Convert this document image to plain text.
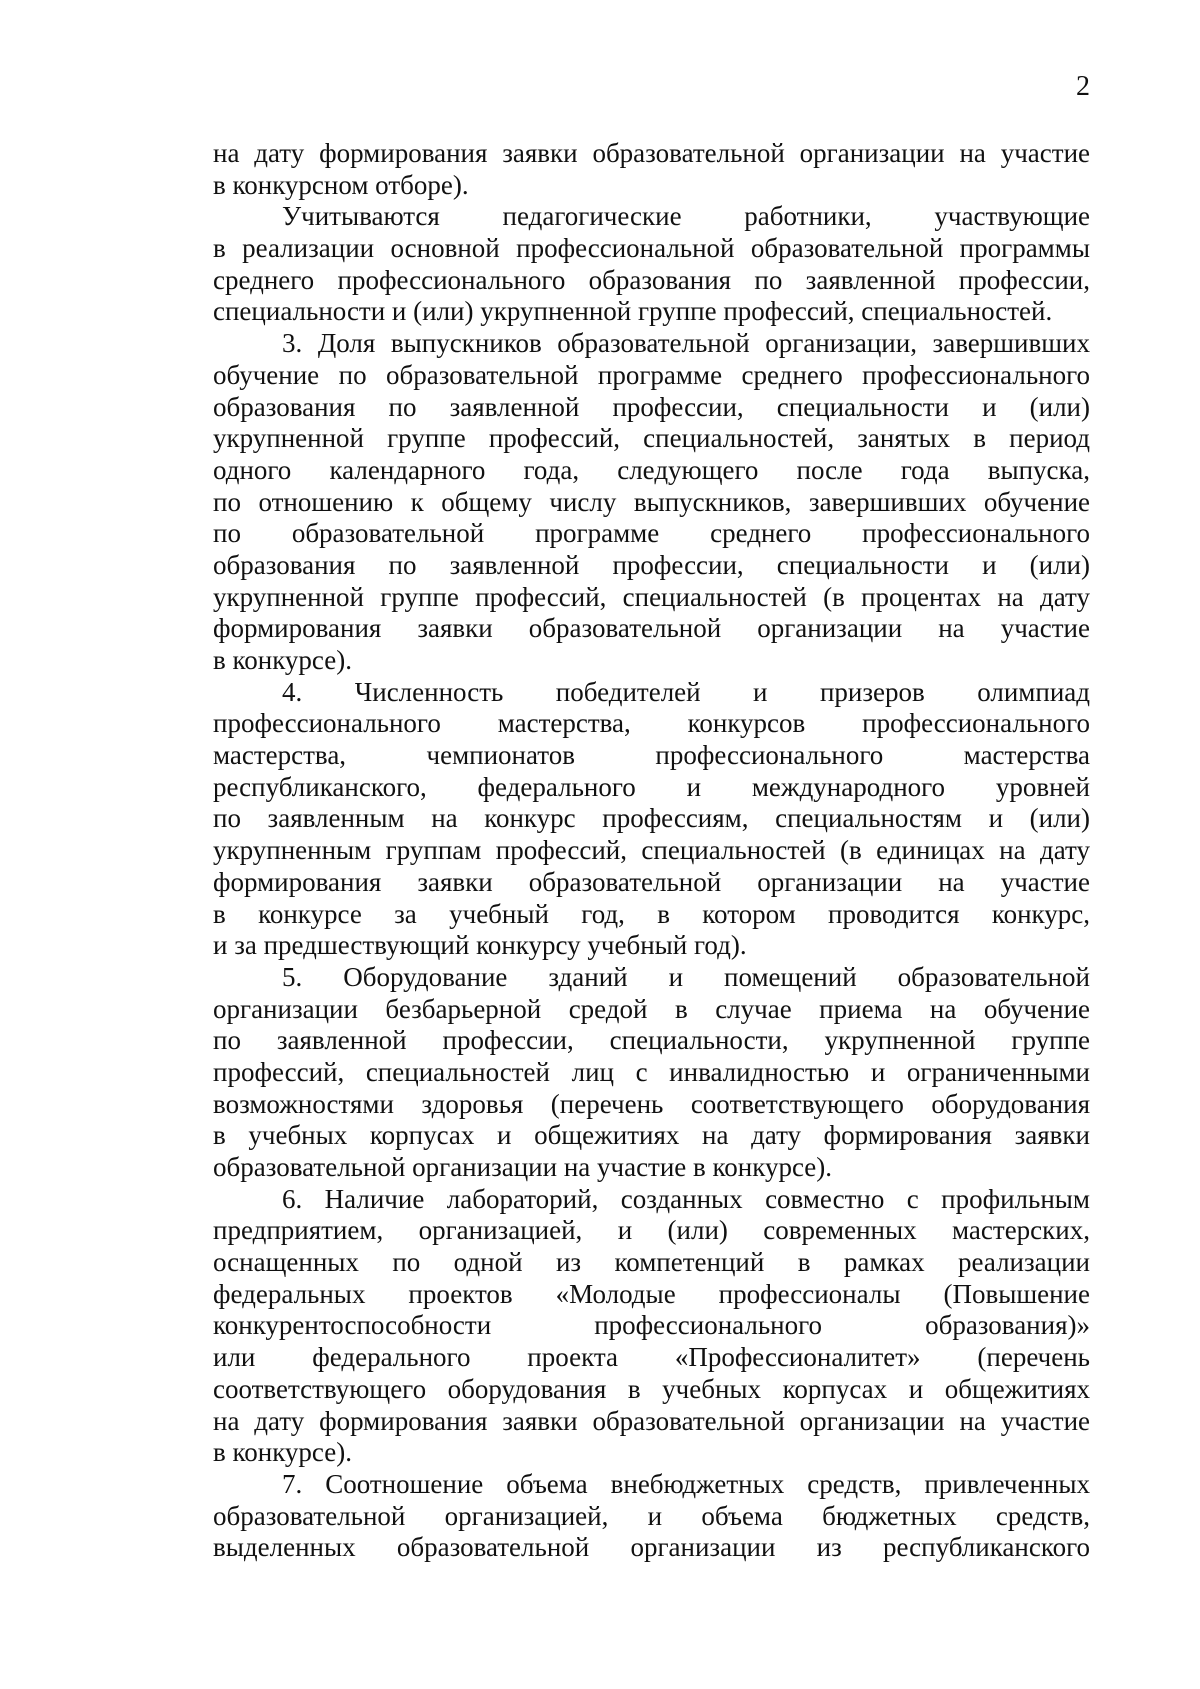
2
на дату формирования заявки образовательной организации на участие
в конкурсном отборе).
Учитываются педагогические работники, участвующие
в реализации основной профессиональной образовательной программы
среднего профессионального образования по заявленной профессии,
специальности и (или) укрупненной группе профессий, специальностей.
3. Доля выпускников образовательной организации, завершивших
обучение по образовательной программе среднего профессионального
образования по заявленной профессии, специальности и (или)
укрупненной группе профессий, специальностей, занятых в период
одного календарного года, следующего после года выпуска,
по отношению к общему числу выпускников, завершивших обучение
по образовательной программе среднего профессионального
образования по заявленной профессии, специальности и (или)
укрупненной группе профессий, специальностей (в процентах на дату
формирования заявки образовательной организации на участие
в конкурсе).
4. Численность победителей и призеров олимпиад
профессионального мастерства, конкурсов профессионального
мастерства, чемпионатов профессионального мастерства
республиканского, федерального и международного уровней
по заявленным на конкурс профессиям, специальностям и (или)
укрупненным группам профессий, специальностей (в единицах на дату
формирования заявки образовательной организации на участие
в конкурсе за учебный год, в котором проводится конкурс,
и за предшествующий конкурсу учебный год).
5. Оборудование зданий и помещений образовательной
организации безбарьерной средой в случае приема на обучение
по заявленной профессии, специальности, укрупненной группе
профессий, специальностей лиц с инвалидностью и ограниченными
возможностями здоровья (перечень соответствующего оборудования
в учебных корпусах и общежитиях на дату формирования заявки
образовательной организации на участие в конкурсе).
6. Наличие лабораторий, созданных совместно с профильным
предприятием, организацией, и (или) современных мастерских,
оснащенных по одной из компетенций в рамках реализации
федеральных проектов «Молодые профессионалы (Повышение
конкурентоспособности профессионального образования)»
или федерального проекта «Профессионалитет» (перечень
соответствующего оборудования в учебных корпусах и общежитиях
на дату формирования заявки образовательной организации на участие
в конкурсе).
7. Соотношение объема внебюджетных средств, привлеченных
образовательной организацией, и объема бюджетных средств,
выделенных образовательной организации из республиканского
